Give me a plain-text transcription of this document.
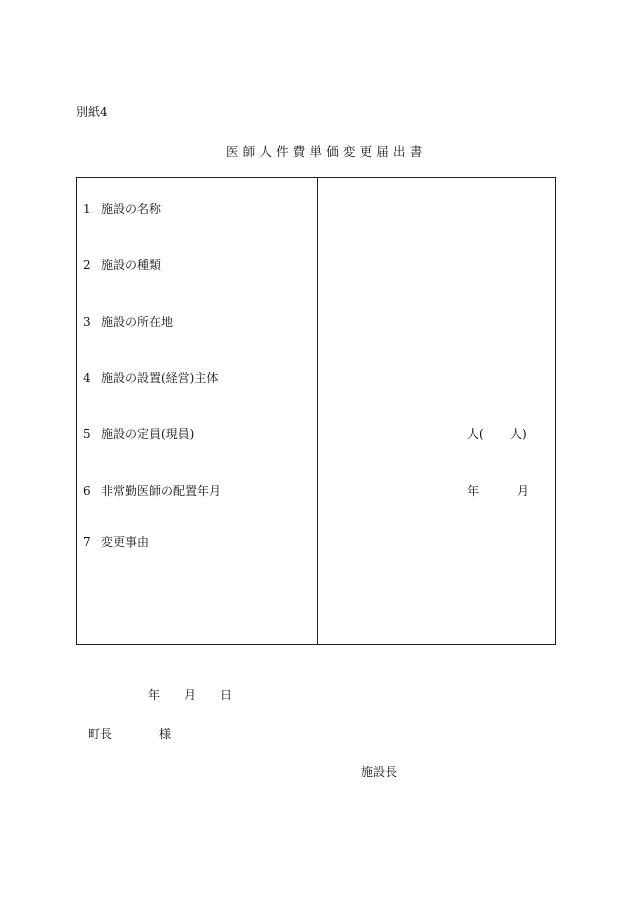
別紙4
医師人件費単価変更届出書
1 施設の名称
2 施設の種類
3 施設の所在地
4 施設の設置(経営)主体
5 施設の定員(現員)
6 非常勤医師の配置年月
7 変更事由
人( 人)
年	月
年 月 日
町長	様
施設長
